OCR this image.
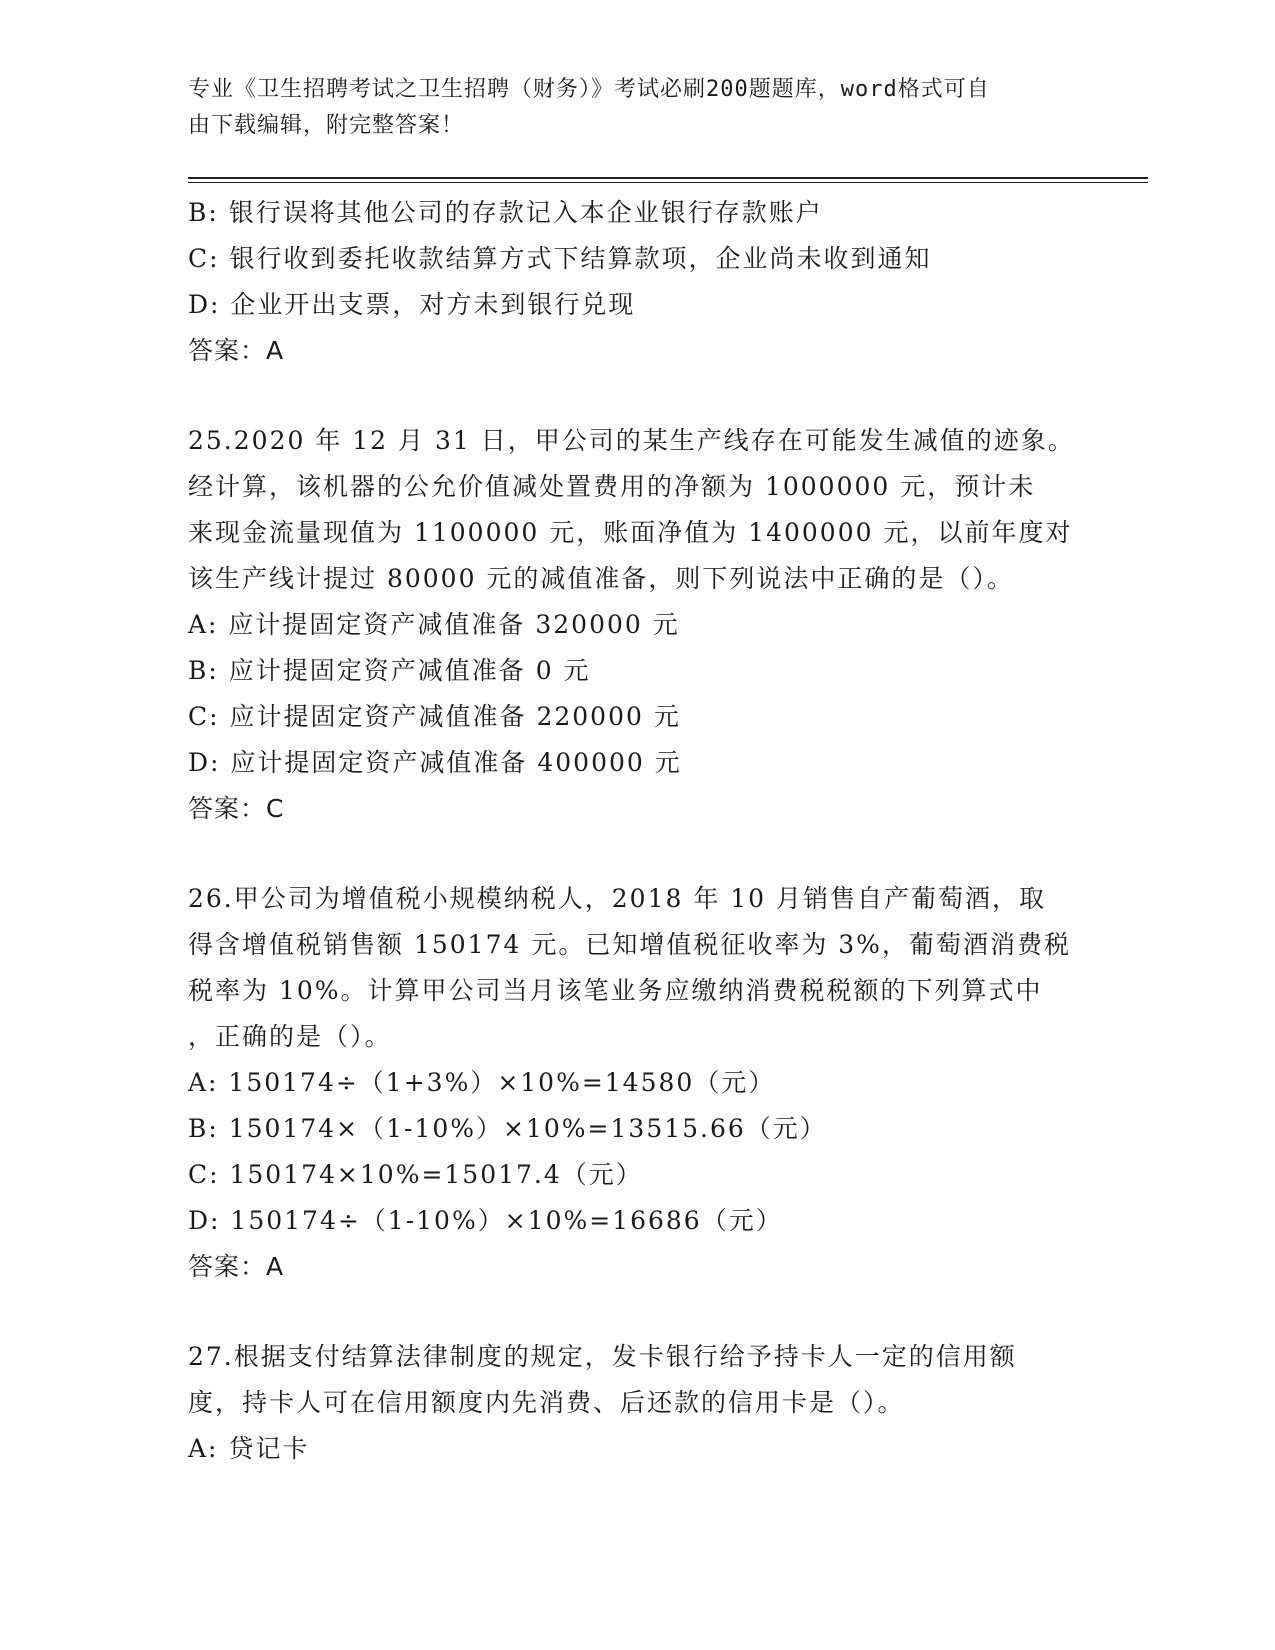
专业《卫生招聘考试之卫生招聘（财务）》考试必刷200题题库，word格式可自
由下载编辑，附完整答案！
B: 银行误将其他公司的存款记入本企业银行存款账户
C: 银行收到委托收款结算方式下结算款项，企业尚未收到通知
D: 企业开出支票，对方未到银行兑现
答案：A
25.2020 年 12 月 31 日，甲公司的某生产线存在可能发生减值的迹象。
经计算，该机器的公允价值减处置费用的净额为 1000000 元，预计未
来现金流量现值为 1100000 元，账面净值为 1400000 元，以前年度对
该生产线计提过 80000 元的减值准备，则下列说法中正确的是（）。
A: 应计提固定资产减值准备 320000 元
B: 应计提固定资产减值准备 0 元
C: 应计提固定资产减值准备 220000 元
D: 应计提固定资产减值准备 400000 元
答案：C
26.甲公司为增值税小规模纳税人，2018 年 10 月销售自产葡萄酒，取
得含增值税销售额 150174 元。已知增值税征收率为 3%，葡萄酒消费税
税率为 10%。计算甲公司当月该笔业务应缴纳消费税税额的下列算式中
，正确的是（）。
A: 150174÷（1+3%）×10%=14580（元）
B: 150174×（1-10%）×10%=13515.66（元）
C: 150174×10%=15017.4（元）
D: 150174÷（1-10%）×10%=16686（元）
答案：A
27.根据支付结算法律制度的规定，发卡银行给予持卡人一定的信用额
度，持卡人可在信用额度内先消费、后还款的信用卡是（）。
A: 贷记卡
